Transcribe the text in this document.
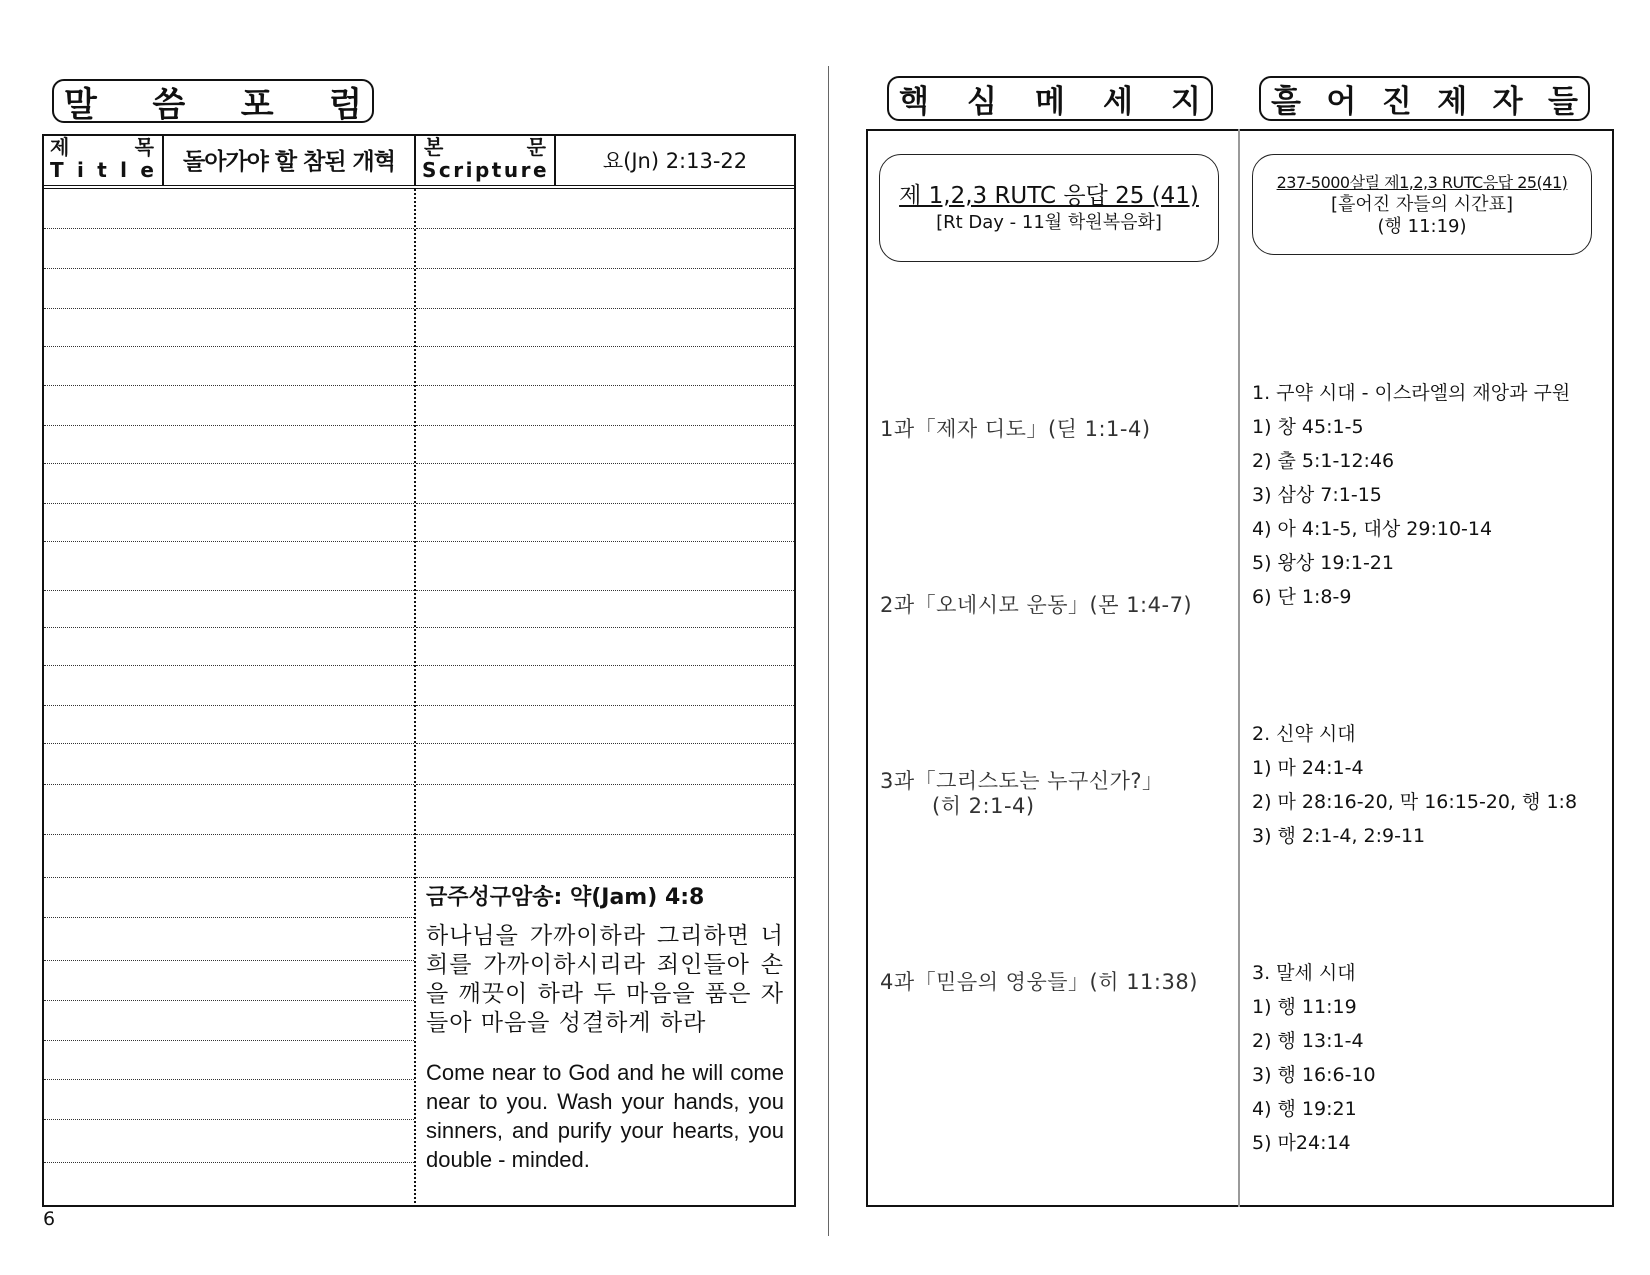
말 씀 포 럼
제	목
T i t l e	돌아가야 할 참된 개혁
본	문
Scripture	요(Jn) 2:13-22
금주성구암송: 약(Jam) 4:8
하나님을 가까이하라 그리하면 너희를 가까이하시리라 죄인들아 손을 깨끗이 하라 두 마음을 품은 자들아 마음을 성결하게 하라
Come near to God and he will come near to you. Wash your hands, you sinners, and purify your hearts, you double - minded.
6
핵 심 메 세 지 흩 어 진 제 자 들
제 1,2,3 RUTC 응답 25 (41)
[Rt Day - 11월 학원복음화]
237-5000살릴 제1,2,3 RUTC응답 25(41)
[흩어진 자들의 시간표]
(행 11:19)
1과「제자 디도」(딛 1:1-4)
2과「오네시모 운동」(몬 1:4-7)
3과「그리스도는 누구신가?」
(히 2:1-4)
4과「믿음의 영웅들」(히 11:38)
1. 구약 시대 - 이스라엘의 재앙과 구원
1) 창 45:1-5
2) 출 5:1-12:46
3) 삼상 7:1-15
4) 아 4:1-5, 대상 29:10-14
5) 왕상 19:1-21
6) 단 1:8-9
2. 신약 시대
1) 마 24:1-4
2) 마 28:16-20, 막 16:15-20, 행 1:8
3) 행 2:1-4, 2:9-11
3. 말세 시대
1) 행 11:19
2) 행 13:1-4
3) 행 16:6-10
4) 행 19:21
5) 마24:14
